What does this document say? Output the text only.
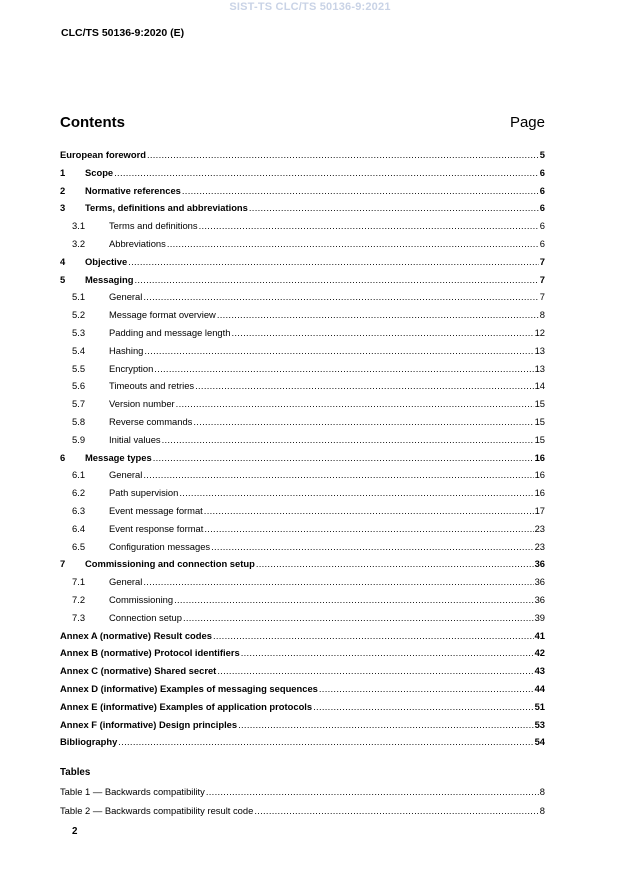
SIST-TS CLC/TS 50136-9:2021
CLC/TS 50136-9:2020 (E)
Contents	Page
European foreword .....	5
1	Scope .....	6
2	Normative references .....	6
3	Terms, definitions and abbreviations .....	6
3.1	Terms and definitions .....	6
3.2	Abbreviations .....	6
4	Objective .....	7
5	Messaging .....	7
5.1	General .....	7
5.2	Message format overview .....	8
5.3	Padding and message length .....	12
5.4	Hashing .....	13
5.5	Encryption .....	13
5.6	Timeouts and retries .....	14
5.7	Version number .....	15
5.8	Reverse commands .....	15
5.9	Initial values .....	15
6	Message types .....	16
6.1	General .....	16
6.2	Path supervision .....	16
6.3	Event message format .....	17
6.4	Event response format .....	23
6.5	Configuration messages .....	23
7	Commissioning and connection setup .....	36
7.1	General .....	36
7.2	Commissioning .....	36
7.3	Connection setup .....	39
Annex A (normative) Result codes .....	41
Annex B (normative) Protocol identifiers .....	42
Annex C (normative) Shared secret .....	43
Annex D (informative) Examples of messaging sequences .....	44
Annex E (informative) Examples of application protocols .....	51
Annex F (informative) Design principles .....	53
Bibliography .....	54
Tables
Table 1 — Backwards compatibility .....	8
Table 2 — Backwards compatibility result code .....	8
2
